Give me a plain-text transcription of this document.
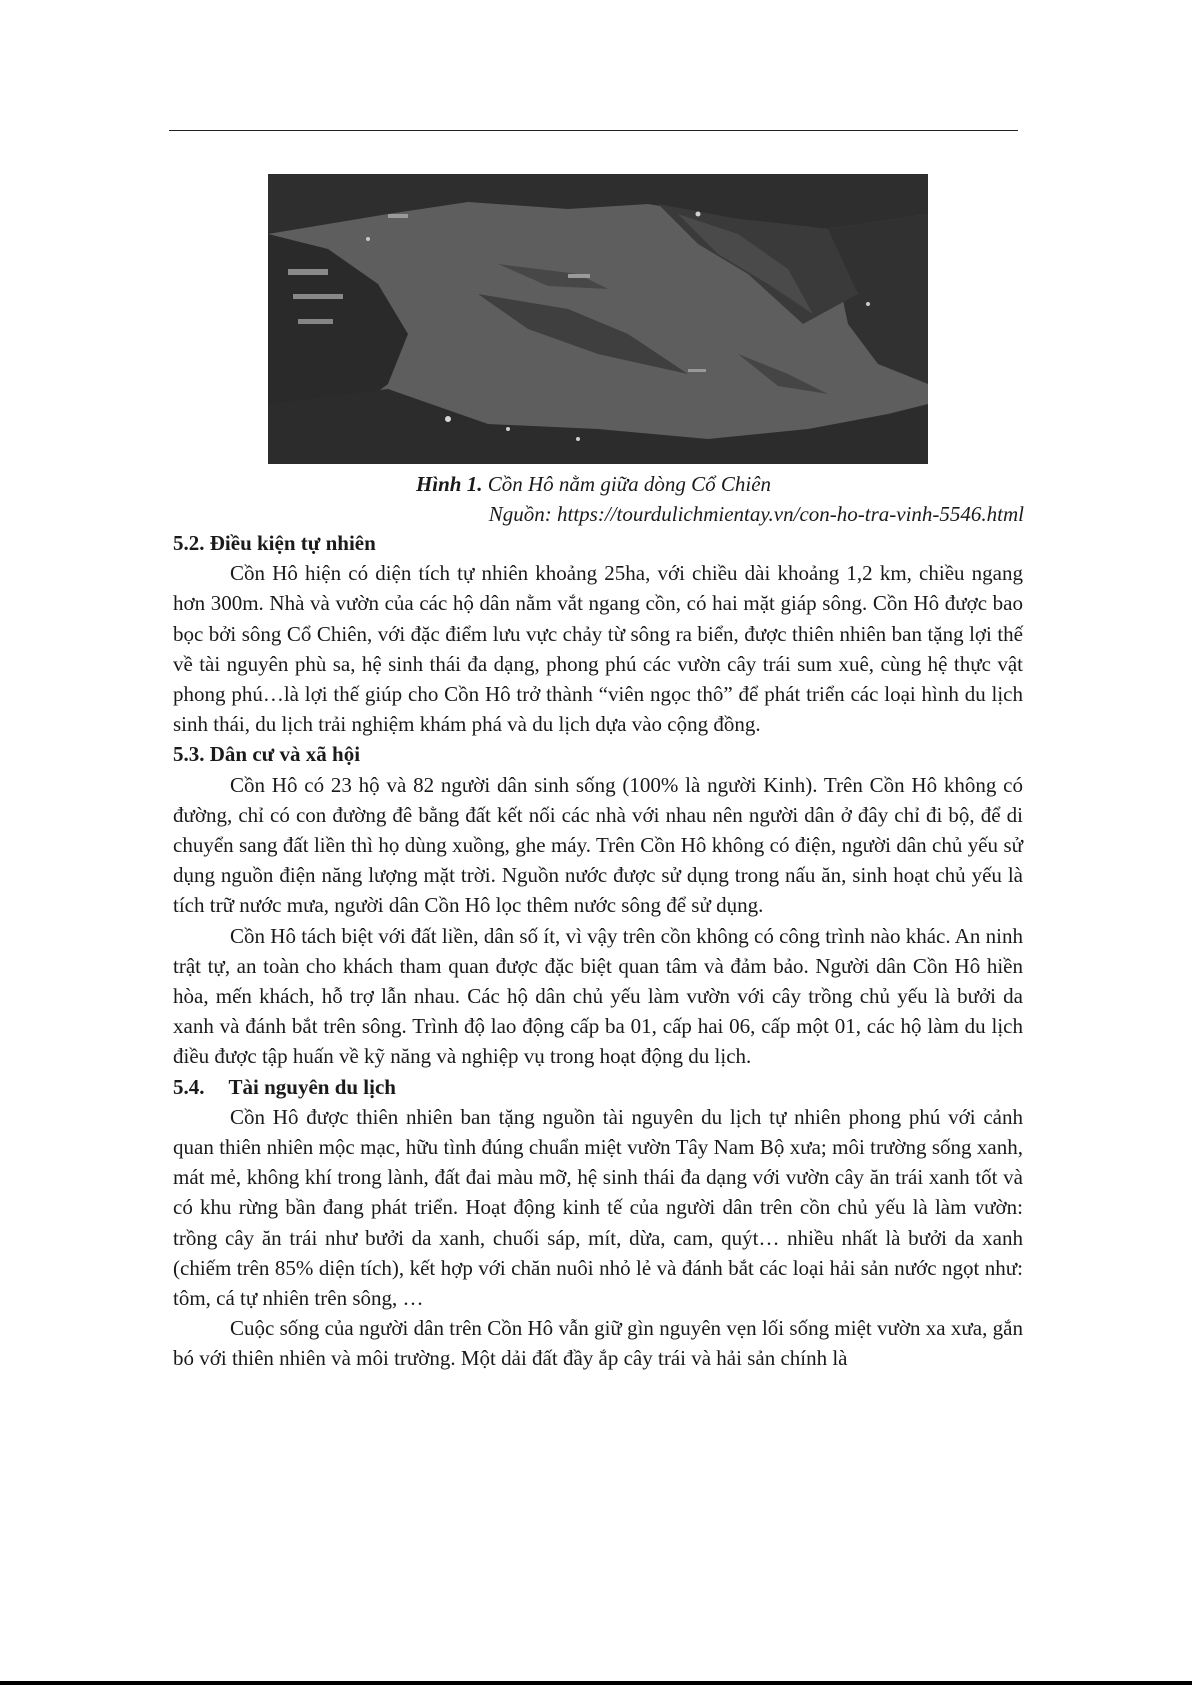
Hình 1. Cồn Hô nằm giữa dòng Cổ Chiên
Nguồn: https://tourdulichmientay.vn/con-ho-tra-vinh-5546.html
5.2. Điều kiện tự nhiên

Cồn Hô hiện có diện tích tự nhiên khoảng 25ha, với chiều dài khoảng 1,2 km, chiều ngang hơn 300m. Nhà và vườn của các hộ dân nằm vắt ngang cồn, có hai mặt giáp sông. Cồn Hô được bao bọc bởi sông Cổ Chiên, với đặc điểm lưu vực chảy từ sông ra biển, được thiên nhiên ban tặng lợi thế về tài nguyên phù sa, hệ sinh thái đa dạng, phong phú các vườn cây trái sum xuê, cùng hệ thực vật phong phú…là lợi thế giúp cho Cồn Hô trở thành “viên ngọc thô” để phát triển các loại hình du lịch sinh thái, du lịch trải nghiệm khám phá và du lịch dựa vào cộng đồng.

5.3. Dân cư và xã hội

Cồn Hô có 23 hộ và 82 người dân sinh sống (100% là người Kinh). Trên Cồn Hô không có đường, chỉ có con đường đê bằng đất kết nối các nhà với nhau nên người dân ở đây chỉ đi bộ, để di chuyển sang đất liền thì họ dùng xuồng, ghe máy. Trên Cồn Hô không có điện, người dân chủ yếu sử dụng nguồn điện năng lượng mặt trời. Nguồn nước được sử dụng trong nấu ăn, sinh hoạt chủ yếu là tích trữ nước mưa, người dân Cồn Hô lọc thêm nước sông để sử dụng.

Cồn Hô tách biệt với đất liền, dân số ít, vì vậy trên cồn không có công trình nào khác. An ninh trật tự, an toàn cho khách tham quan được đặc biệt quan tâm và đảm bảo. Người dân Cồn Hô hiền hòa, mến khách, hỗ trợ lẫn nhau. Các hộ dân chủ yếu làm vườn với cây trồng chủ yếu là bưởi da xanh và đánh bắt trên sông. Trình độ lao động cấp ba 01, cấp hai 06, cấp một 01, các hộ làm du lịch điều được tập huấn về kỹ năng và nghiệp vụ trong hoạt động du lịch.

5.4. Tài nguyên du lịch

Cồn Hô được thiên nhiên ban tặng nguồn tài nguyên du lịch tự nhiên phong phú với cảnh quan thiên nhiên mộc mạc, hữu tình đúng chuẩn miệt vườn Tây Nam Bộ xưa; môi trường sống xanh, mát mẻ, không khí trong lành, đất đai màu mỡ, hệ sinh thái đa dạng với vườn cây ăn trái xanh tốt và có khu rừng bần đang phát triển. Hoạt động kinh tế của người dân trên cồn chủ yếu là làm vườn: trồng cây ăn trái như bưởi da xanh, chuối sáp, mít, dừa, cam, quýt… nhiều nhất là bưởi da xanh (chiếm trên 85% diện tích), kết hợp với chăn nuôi nhỏ lẻ và đánh bắt các loại hải sản nước ngọt như: tôm, cá tự nhiên trên sông, …

Cuộc sống của người dân trên Cồn Hô vẫn giữ gìn nguyên vẹn lối sống miệt vườn xa xưa, gắn bó với thiên nhiên và môi trường. Một dải đất đầy ắp cây trái và hải sản chính là
